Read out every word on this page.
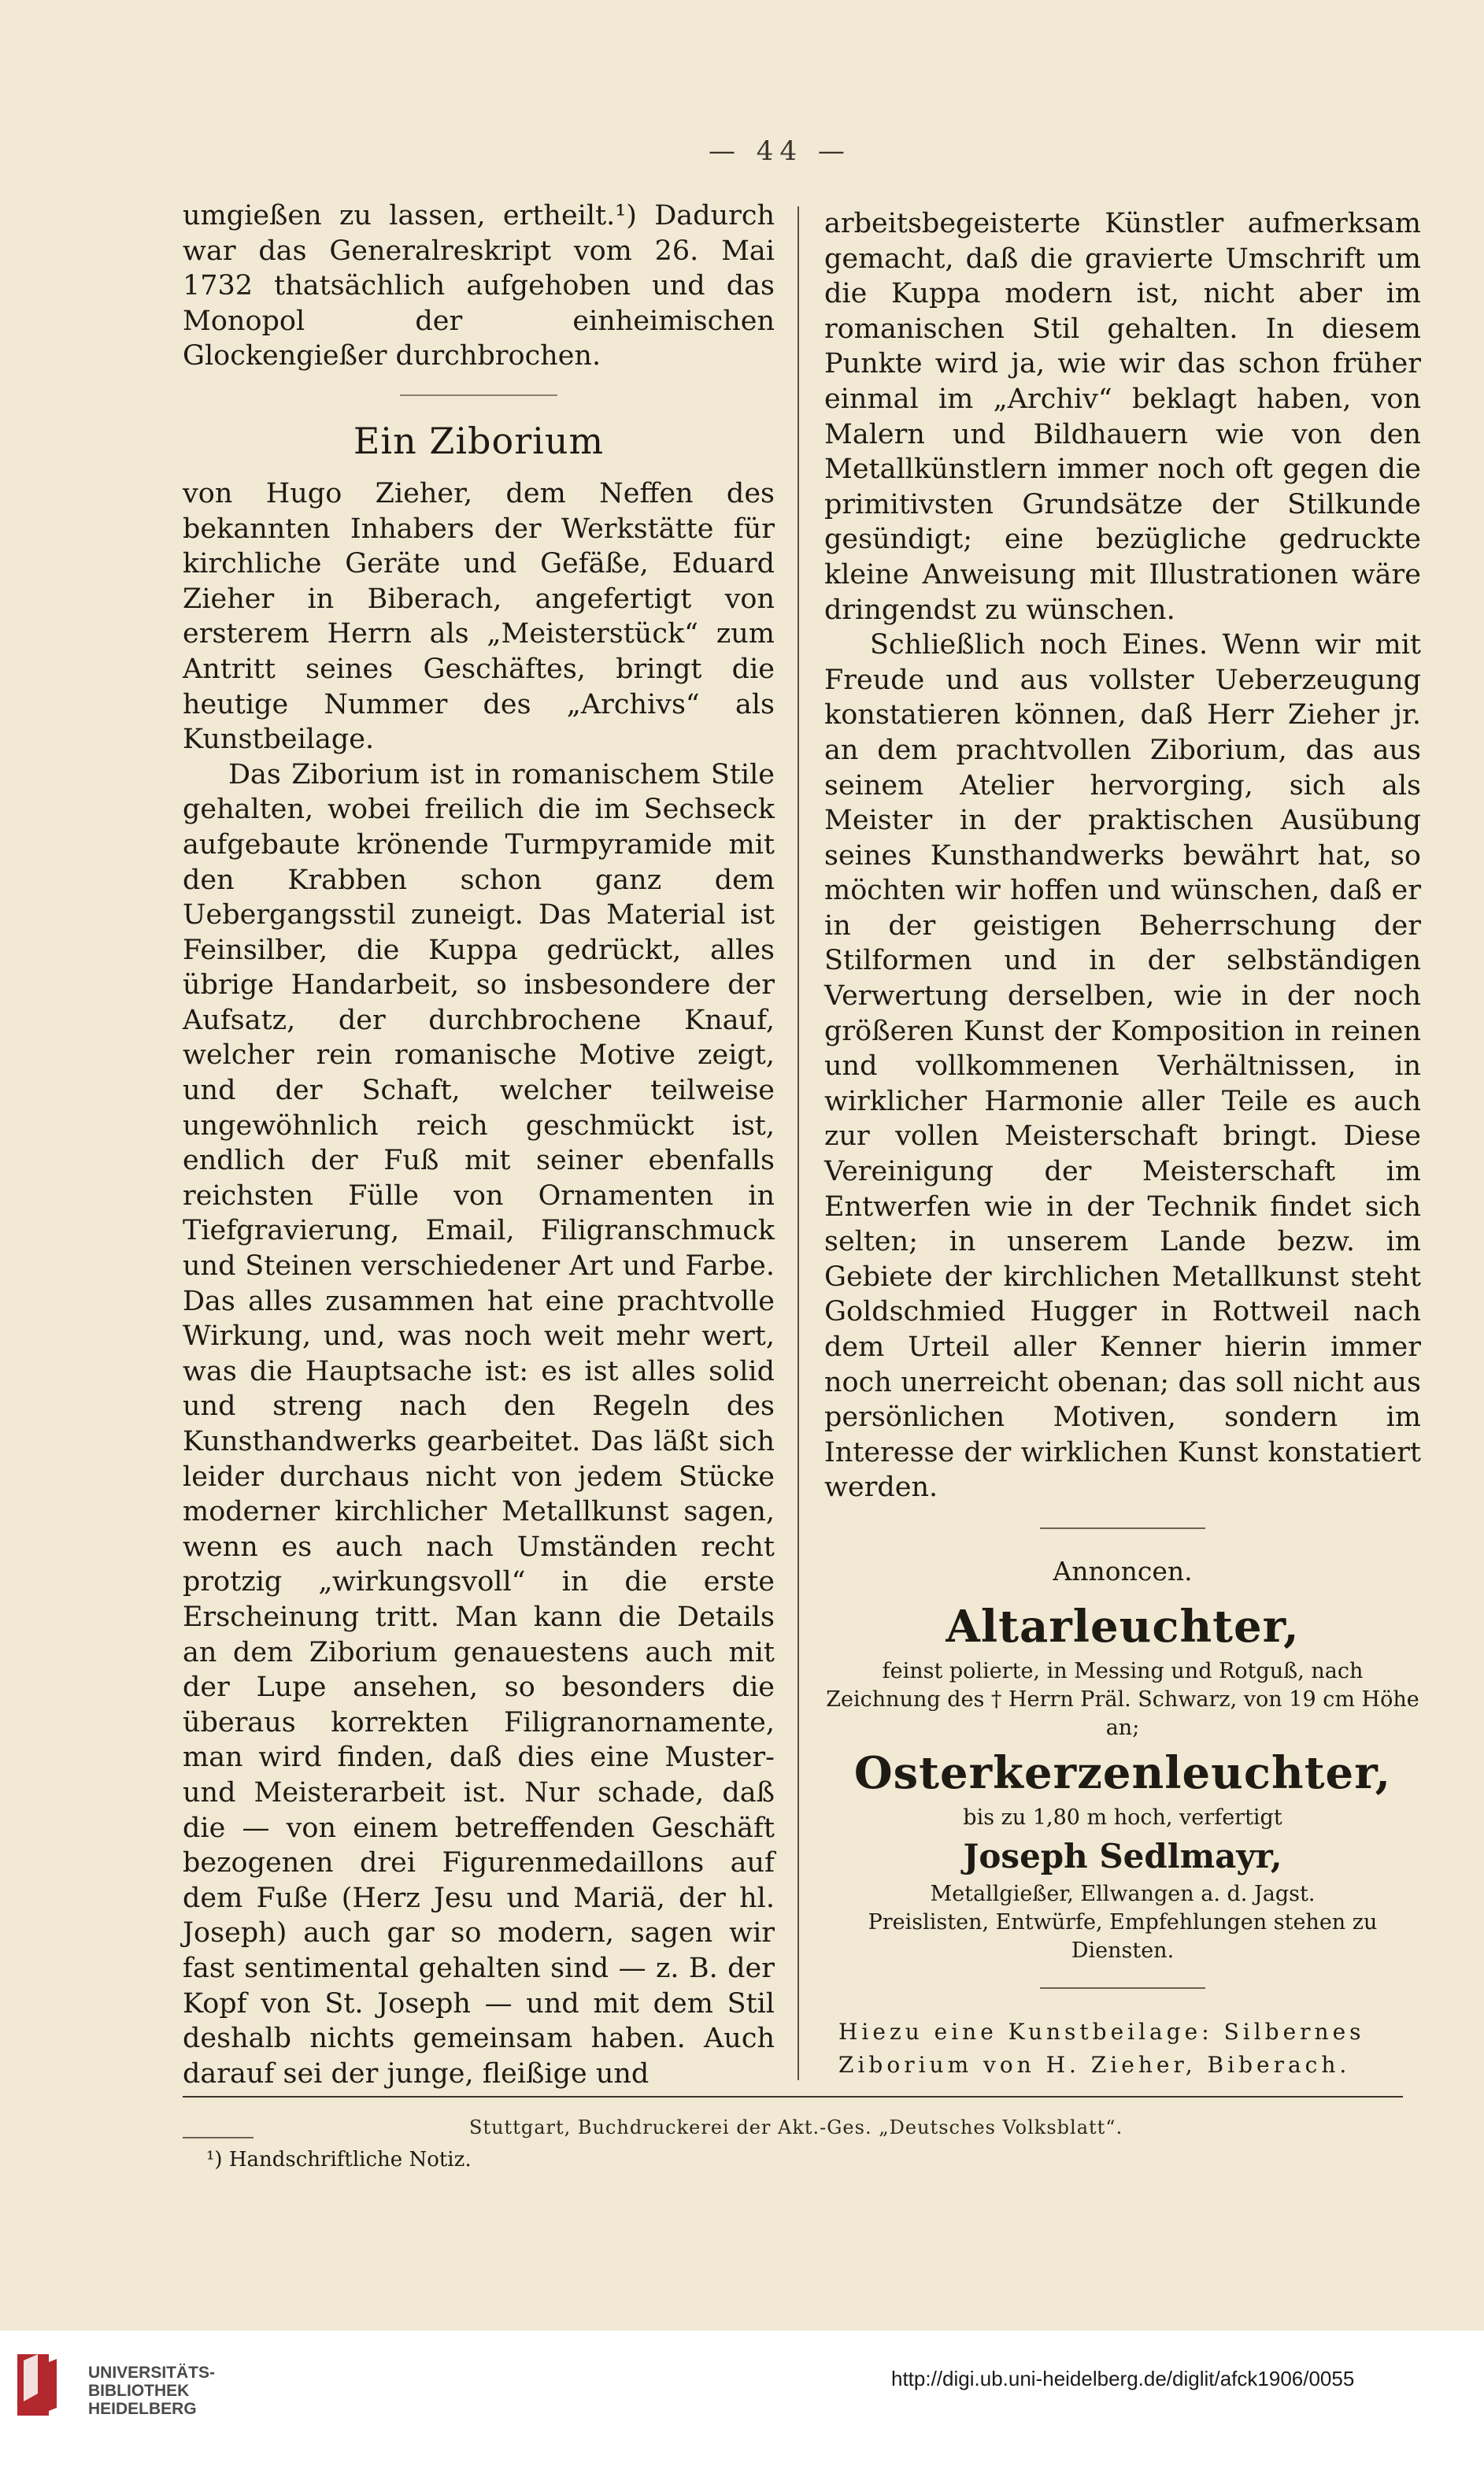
— 44 —

umgießen zu lassen, ertheilt.¹) Dadurch war das Generalreskript vom 26. Mai 1732 thatsächlich aufgehoben und das Monopol der einheimischen Glockengießer durchbrochen.

Ein Ziborium

von Hugo Zieher, dem Neffen des bekannten Inhabers der Werkstätte für kirchliche Geräte und Gefäße, Eduard Zieher in Biberach, angefertigt von ersterem Herrn als „Meisterstück“ zum Antritt seines Geschäftes, bringt die heutige Nummer des „Archivs“ als Kunstbeilage.

Das Ziborium ist in romanischem Stile gehalten, wobei freilich die im Sechseck aufgebaute krönende Turmpyramide mit den Krabben schon ganz dem Uebergangsstil zuneigt. Das Material ist Feinsilber, die Kuppa gedrückt, alles übrige Handarbeit, so insbesondere der Aufsatz, der durchbrochene Knauf, welcher rein romanische Motive zeigt, und der Schaft, welcher teilweise ungewöhnlich reich geschmückt ist, endlich der Fuß mit seiner ebenfalls reichsten Fülle von Ornamenten in Tiefgravierung, Email, Filigranschmuck und Steinen verschiedener Art und Farbe. Das alles zusammen hat eine prachtvolle Wirkung, und, was noch weit mehr wert, was die Hauptsache ist: es ist alles solid und streng nach den Regeln des Kunsthandwerks gearbeitet. Das läßt sich leider durchaus nicht von jedem Stücke moderner kirchlicher Metallkunst sagen, wenn es auch nach Umständen recht protzig „wirkungsvoll“ in die erste Erscheinung tritt. Man kann die Details an dem Ziborium genauestens auch mit der Lupe ansehen, so besonders die überaus korrekten Filigranornamente, man wird finden, daß dies eine Muster- und Meisterarbeit ist. Nur schade, daß die — von einem betreffenden Geschäft bezogenen drei Figurenmedaillons auf dem Fuße (Herz Jesu und Mariä, der hl. Joseph) auch gar so modern, sagen wir fast sentimental gehalten sind — z. B. der Kopf von St. Joseph — und mit dem Stil deshalb nichts gemeinsam haben. Auch darauf sei der junge, fleißige und

¹) Handschriftliche Notiz.

arbeitsbegeisterte Künstler aufmerksam gemacht, daß die gravierte Umschrift um die Kuppa modern ist, nicht aber im romanischen Stil gehalten. In diesem Punkte wird ja, wie wir das schon früher einmal im „Archiv“ beklagt haben, von Malern und Bildhauern wie von den Metallkünstlern immer noch oft gegen die primitivsten Grundsätze der Stilkunde gesündigt; eine bezügliche gedruckte kleine Anweisung mit Illustrationen wäre dringendst zu wünschen.

Schließlich noch Eines. Wenn wir mit Freude und aus vollster Ueberzeugung konstatieren können, daß Herr Zieher jr. an dem prachtvollen Ziborium, das aus seinem Atelier hervorging, sich als Meister in der praktischen Ausübung seines Kunsthandwerks bewährt hat, so möchten wir hoffen und wünschen, daß er in der geistigen Beherrschung der Stilformen und in der selbständigen Verwertung derselben, wie in der noch größeren Kunst der Komposition in reinen und vollkommenen Verhältnissen, in wirklicher Harmonie aller Teile es auch zur vollen Meisterschaft bringt. Diese Vereinigung der Meisterschaft im Entwerfen wie in der Technik findet sich selten; in unserem Lande bezw. im Gebiete der kirchlichen Metallkunst steht Goldschmied Hugger in Rottweil nach dem Urteil aller Kenner hierin immer noch unerreicht obenan; das soll nicht aus persönlichen Motiven, sondern im Interesse der wirklichen Kunst konstatiert werden.

Annoncen.
Altarleuchter,
feinst polierte, in Messing und Rotguß, nach Zeichnung des † Herrn Präl. Schwarz, von 19 cm Höhe an;
Osterkerzenleuchter,
bis zu 1,80 m hoch, verfertigt
Joseph Sedlmayr,
Metallgießer, Ellwangen a. d. Jagst.
Preislisten, Entwürfe, Empfehlungen stehen zu Diensten.
Hiezu eine Kunstbeilage: Silbernes Ziborium von H. Zieher, Biberach.
Stuttgart, Buchdruckerei der Akt.-Ges. „Deutsches Volksblatt“.
UNIVERSITÄTS-
BIBLIOTHEK
HEIDELBERG
http://digi.ub.uni-heidelberg.de/diglit/afck1906/0055
